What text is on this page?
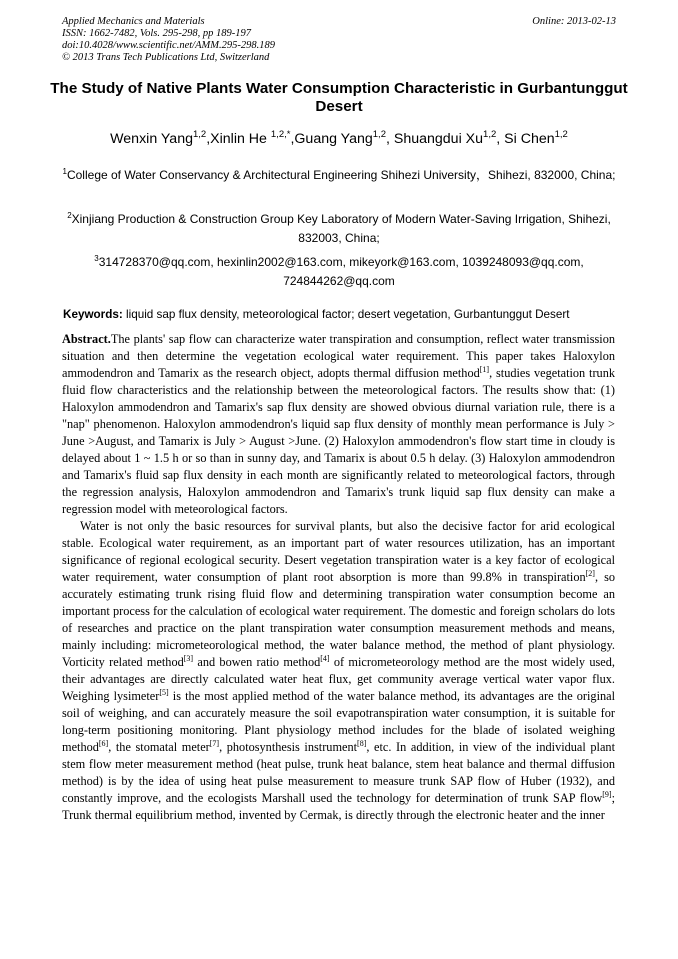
Applied Mechanics and Materials
ISSN: 1662-7482, Vols. 295-298, pp 189-197
doi:10.4028/www.scientific.net/AMM.295-298.189
© 2013 Trans Tech Publications Ltd, Switzerland
Online: 2013-02-13
The Study of Native Plants Water Consumption Characteristic in Gurbantunggut Desert
Wenxin Yang$^{1,2}$,Xinlin He $^{1,2,*}$,Guang Yang$^{1,2}$, Shuangdui Xu$^{1,2}$, Si Chen$^{1,2}$
$^1$College of Water Conservancy & Architectural Engineering Shihezi University，Shihezi, 832000, China;
$^2$Xinjiang Production & Construction Group Key Laboratory of Modern Water-Saving Irrigation, Shihezi, 832003, China;
$^3$314728370@qq.com, hexinlin2002@163.com, mikeyork@163.com, 1039248093@qq.com, 724844262@qq.com
Keywords: liquid sap flux density, meteorological factor; desert vegetation, Gurbantunggut Desert

Abstract.The plants' sap flow can characterize water transpiration and consumption, reflect water transmission situation and then determine the vegetation ecological water requirement. This paper takes Haloxylon ammodendron and Tamarix as the research object, adopts thermal diffusion method[1], studies vegetation trunk fluid flow characteristics and the relationship between the meteorological factors. The results show that: (1) Haloxylon ammodendron and Tamarix's sap flux density are showed obvious diurnal variation rule, there is a "nap" phenomenon. Haloxylon ammodendron's liquid sap flux density of monthly mean performance is July > June >August, and Tamarix is July > August >June. (2) Haloxylon ammodendron's flow start time in cloudy is delayed about 1 ~ 1.5 h or so than in sunny day, and Tamarix is about 0.5 h delay. (3) Haloxylon ammodendron and Tamarix's fluid sap flux density in each month are significantly related to meteorological factors, through the regression analysis, Haloxylon ammodendron and Tamarix's trunk liquid sap flux density can make a regression model with meteorological factors.

Water is not only the basic resources for survival plants, but also the decisive factor for arid ecological stable. Ecological water requirement, as an important part of water resources utilization, has an important significance of regional ecological security. Desert vegetation transpiration water is a key factor of ecological water requirement, water consumption of plant root absorption is more than 99.8% in transpiration[2], so accurately estimating trunk rising fluid flow and determining transpiration water consumption become an important process for the calculation of ecological water requirement. The domestic and foreign scholars do lots of researches and practice on the plant transpiration water consumption measurement methods and means, mainly including: micrometeorological method, the water balance method, the method of plant physiology. Vorticity related method[3] and bowen ratio method[4] of micrometeorology method are the most widely used, their advantages are directly calculated water heat flux, get community average vertical water vapor flux. Weighing lysimeter[5] is the most applied method of the water balance method, its advantages are the original soil of weighing, and can accurately measure the soil evapotranspiration water consumption, it is suitable for long-term positioning monitoring. Plant physiology method includes for the blade of isolated weighing method[6], the stomatal meter[7], photosynthesis instrument[8], etc. In addition, in view of the individual plant stem flow meter measurement method (heat pulse, trunk heat balance, stem heat balance and thermal diffusion method) is by the idea of using heat pulse measurement to measure trunk SAP flow of Huber (1932), and constantly improve, and the ecologists Marshall used the technology for determination of trunk SAP flow[9]; Trunk thermal equilibrium method, invented by Cermak, is directly through the electronic heater and the inner
